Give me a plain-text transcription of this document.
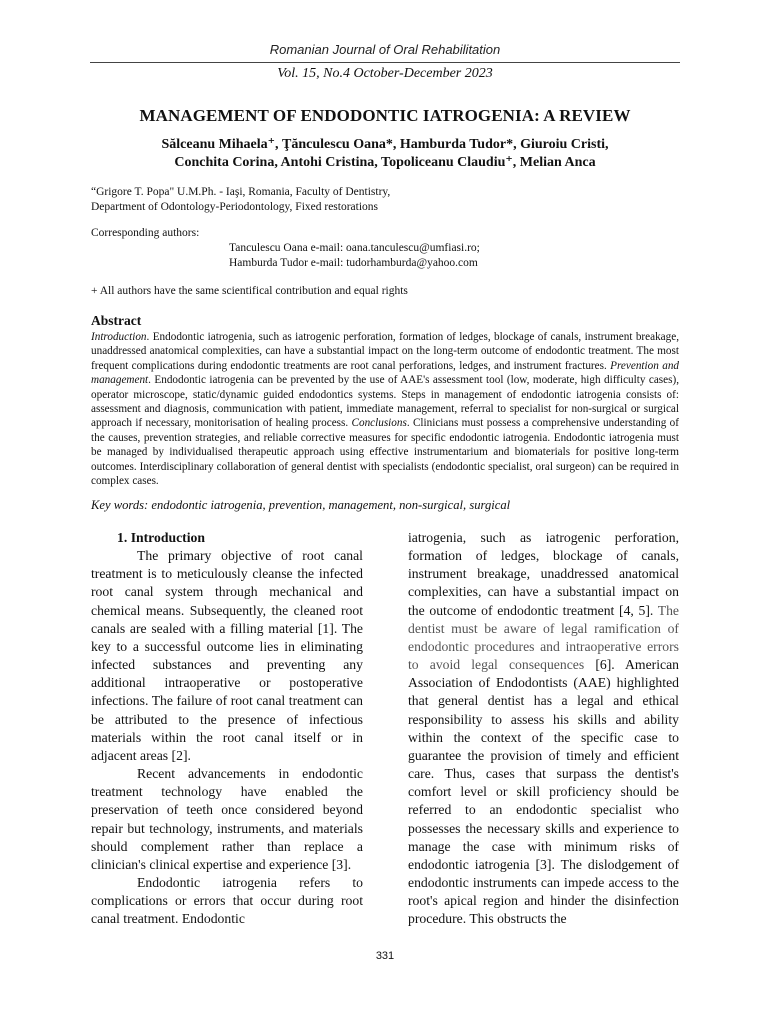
Romanian Journal of Oral Rehabilitation
Vol. 15, No.4 October-December 2023
MANAGEMENT OF ENDODONTIC IATROGENIA: A REVIEW
Sălceanu Mihaela⁺, Ţănculescu Oana*, Hamburda Tudor*, Giuroiu Cristi,
Conchita Corina, Antohi Cristina, Topoliceanu Claudiu⁺, Melian Anca
“Grigore T. Popa" U.M.Ph. - Iaşi, Romania, Faculty of Dentistry,
Department of Odontology-Periodontology, Fixed restorations
Corresponding authors:
Tanculescu Oana e-mail: oana.tanculescu@umfiasi.ro;
Hamburda Tudor e-mail: tudorhamburda@yahoo.com
+ All authors have the same scientifical contribution and equal rights
Abstract
Introduction. Endodontic iatrogenia, such as iatrogenic perforation, formation of ledges, blockage of canals, instrument breakage, unaddressed anatomical complexities, can have a substantial impact on the long-term outcome of endodontic treatment. The most frequent complications during endodontic treatments are root canal perforations, ledges, and instrument fractures. Prevention and management. Endodontic iatrogenia can be prevented by the use of AAE's assessment tool (low, moderate, high difficulty cases), operator microscope, static/dynamic guided endodontics systems. Steps in management of endodontic iatrogenia consists of: assessment and diagnosis, communication with patient, immediate management, referral to specialist for non-surgical or surgical approach if necessary, monitorisation of healing process. Conclusions. Clinicians must possess a comprehensive understanding of the causes, prevention strategies, and reliable corrective measures for specific endodontic iatrogenia. Endodontic iatrogenia must be managed by individualised therapeutic approach using effective instrumentarium and biomaterials for positive long-term outcomes. Interdisciplinary collaboration of general dentist with specialists (endodontic specialist, oral surgeon) can be required in complex cases.
Key words: endodontic iatrogenia, prevention, management, non-surgical, surgical
1. Introduction

The primary objective of root canal treatment is to meticulously cleanse the infected root canal system through mechanical and chemical means. Subsequently, the cleaned root canals are sealed with a filling material [1]. The key to a successful outcome lies in eliminating infected substances and preventing any additional intraoperative or postoperative infections. The failure of root canal treatment can be attributed to the presence of infectious materials within the root canal itself or in adjacent areas [2].

Recent advancements in endodontic treatment technology have enabled the preservation of teeth once considered beyond repair but technology, instruments, and materials should complement rather than replace a clinician's clinical expertise and experience [3].

Endodontic iatrogenia refers to complications or errors that occur during root canal treatment. Endodontic

iatrogenia, such as iatrogenic perforation, formation of ledges, blockage of canals, instrument breakage, unaddressed anatomical complexities, can have a substantial impact on the outcome of endodontic treatment [4, 5]. The dentist must be aware of legal ramification of endodontic procedures and intraoperative errors to avoid legal consequences [6]. American Association of Endodontists (AAE) highlighted that general dentist has a legal and ethical responsibility to assess his skills and ability within the context of the specific case to guarantee the provision of timely and efficient care. Thus, cases that surpass the dentist's comfort level or skill proficiency should be referred to an endodontic specialist who possesses the necessary skills and experience to manage the case with minimum risks of endodontic iatrogenia [3]. The dislodgement of endodontic instruments can impede access to the root's apical region and hinder the disinfection procedure. This obstructs the

331
